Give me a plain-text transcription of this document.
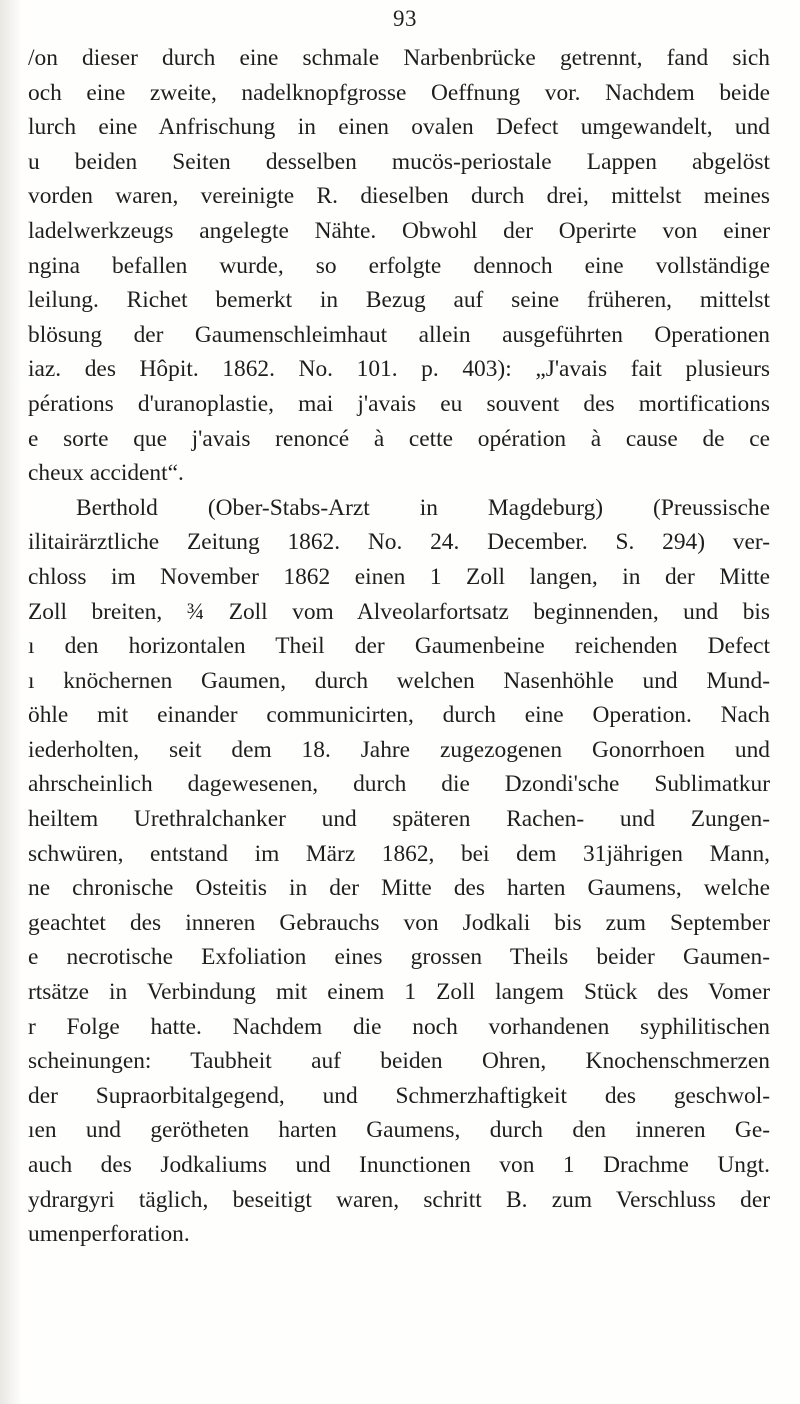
93
/on dieser durch eine schmale Narbenbrücke getrennt, fand sich
och eine zweite, nadelknopfgrosse Oeffnung vor. Nachdem beide
lurch eine Anfrischung in einen ovalen Defect umgewandelt, und
u beiden Seiten desselben mucös-periostale Lappen abgelöst
vorden waren, vereinigte R. dieselben durch drei, mittelst meines
ladelwerkzeugs angelegte Nähte. Obwohl der Operirte von einer
ngina befallen wurde, so erfolgte dennoch eine vollständige
leilung. Richet bemerkt in Bezug auf seine früheren, mittelst
blösung der Gaumenschleimhaut allein ausgeführten Operationen
iaz. des Hôpit. 1862. No. 101. p. 403): „J'avais fait plusieurs
pérations d'uranoplastie, mai j'avais eu souvent des mortifications
e sorte que j'avais renoncé à cette opération à cause de ce
cheux accident“.
Berthold (Ober-Stabs-Arzt in Magdeburg) (Preussische
ilitairärztliche Zeitung 1862. No. 24. December. S. 294) ver-
chloss im November 1862 einen 1 Zoll langen, in der Mitte
Zoll breiten, ¾ Zoll vom Alveolarfortsatz beginnenden, und bis
ı den horizontalen Theil der Gaumenbeine reichenden Defect
ı knöchernen Gaumen, durch welchen Nasenhöhle und Mund-
öhle mit einander communicirten, durch eine Operation. Nach
iederholten, seit dem 18. Jahre zugezogenen Gonorrhoen und
ahrscheinlich dagewesenen, durch die Dzondi'sche Sublimatkur
heiltem Urethralchanker und späteren Rachen- und Zungen-
schwüren, entstand im März 1862, bei dem 31jährigen Mann,
ne chronische Osteitis in der Mitte des harten Gaumens, welche
geachtet des inneren Gebrauchs von Jodkali bis zum September
e necrotische Exfoliation eines grossen Theils beider Gaumen-
rtsätze in Verbindung mit einem 1 Zoll langem Stück des Vomer
r Folge hatte. Nachdem die noch vorhandenen syphilitischen
scheinungen: Taubheit auf beiden Ohren, Knochenschmerzen
der Supraorbitalgegend, und Schmerzhaftigkeit des geschwol-
ıen und gerötheten harten Gaumens, durch den inneren Ge-
auch des Jodkaliums und Inunctionen von 1 Drachme Ungt.
ydrargyri täglich, beseitigt waren, schritt B. zum Verschluss der
umenperforation.
